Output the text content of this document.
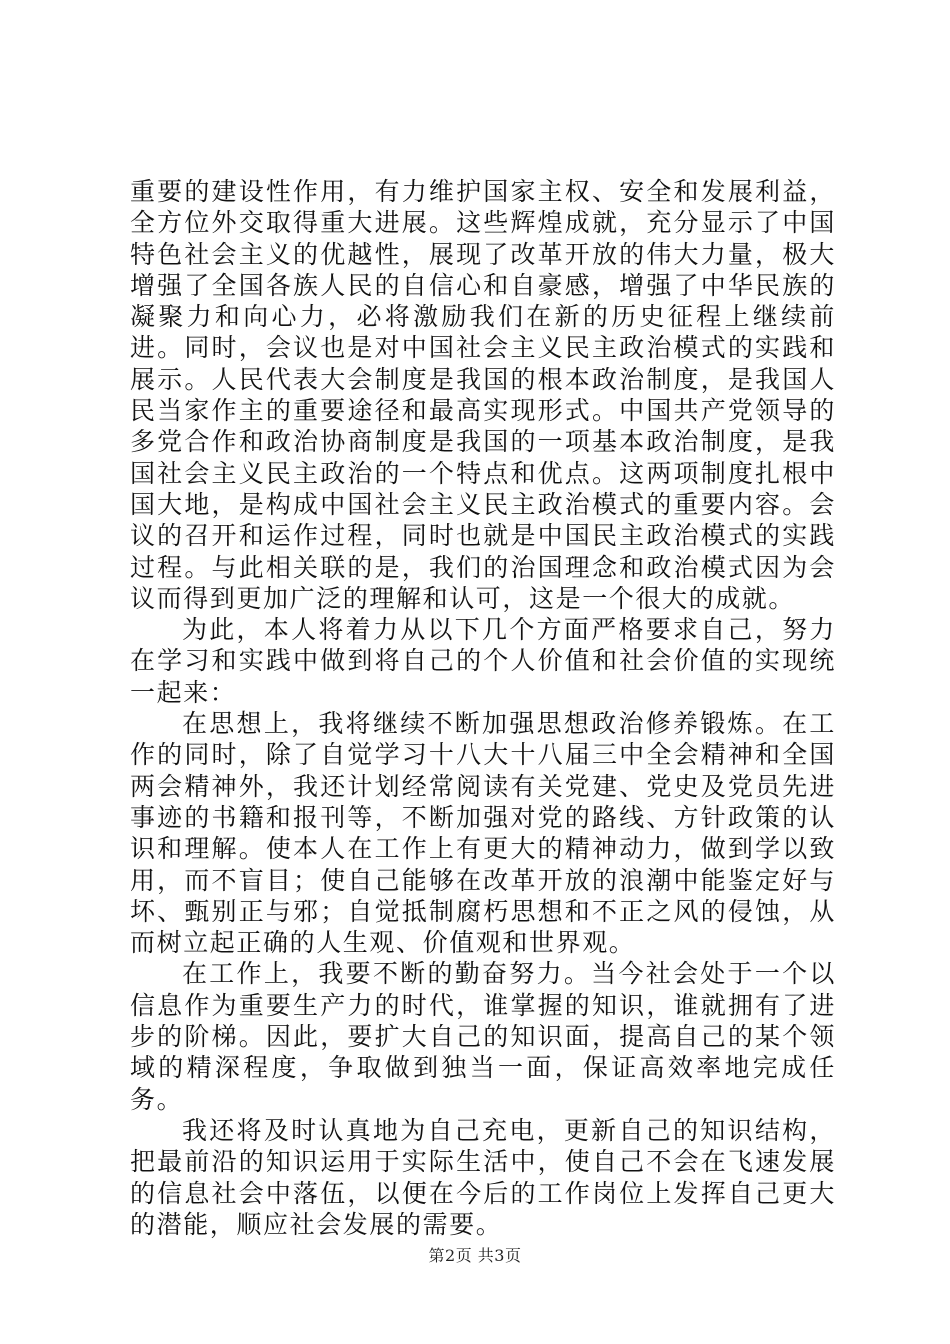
重要的建设性作用，有力维护国家主权、安全和发展利益，全方位外交取得重大进展。这些辉煌成就，充分显示了中国特色社会主义的优越性，展现了改革开放的伟大力量，极大增强了全国各族人民的自信心和自豪感，增强了中华民族的凝聚力和向心力，必将激励我们在新的历史征程上继续前进。同时，会议也是对中国社会主义民主政治模式的实践和展示。人民代表大会制度是我国的根本政治制度，是我国人民当家作主的重要途径和最高实现形式。中国共产党领导的多党合作和政治协商制度是我国的一项基本政治制度，是我国社会主义民主政治的一个特点和优点。这两项制度扎根中国大地，是构成中国社会主义民主政治模式的重要内容。会议的召开和运作过程，同时也就是中国民主政治模式的实践过程。与此相关联的是，我们的治国理念和政治模式因为会议而得到更加广泛的理解和认可，这是一个很大的成就。

为此，本人将着力从以下几个方面严格要求自己，努力在学习和实践中做到将自己的个人价值和社会价值的实现统一起来：

在思想上，我将继续不断加强思想政治修养锻炼。在工作的同时，除了自觉学习十八大十八届三中全会精神和全国两会精神外，我还计划经常阅读有关党建、党史及党员先进事迹的书籍和报刊等，不断加强对党的路线、方针政策的认识和理解。使本人在工作上有更大的精神动力，做到学以致用，而不盲目；使自己能够在改革开放的浪潮中能鉴定好与坏、甄别正与邪；自觉抵制腐朽思想和不正之风的侵蚀，从而树立起正确的人生观、价值观和世界观。

在工作上，我要不断的勤奋努力。当今社会处于一个以信息作为重要生产力的时代，谁掌握的知识，谁就拥有了进步的阶梯。因此，要扩大自己的知识面，提高自己的某个领域的精深程度，争取做到独当一面，保证高效率地完成任务。

我还将及时认真地为自己充电，更新自己的知识结构，把最前沿的知识运用于实际生活中，使自己不会在飞速发展的信息社会中落伍，以便在今后的工作岗位上发挥自己更大的潜能，顺应社会发展的需要。

第2页 共3页
